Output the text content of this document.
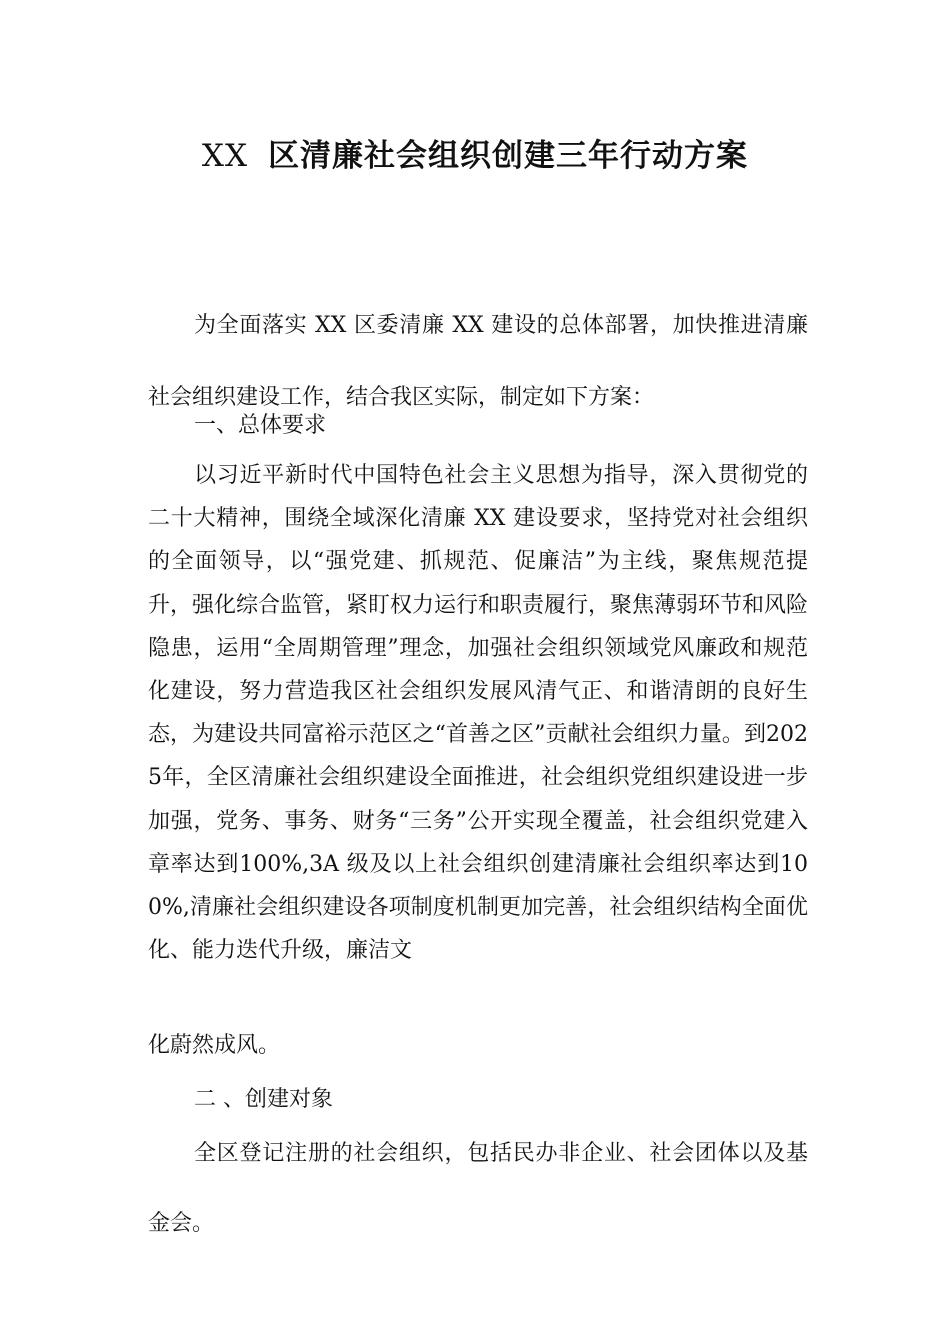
XX 区清廉社会组织创建三年行动方案

为全面落实 XX 区委清廉 XX 建设的总体部署，加快推进清廉社会组织建设工作，结合我区实际，制定如下方案：

一、总体要求

以习近平新时代中国特色社会主义思想为指导，深入贯彻党的二十大精神，围绕全域深化清廉 XX 建设要求，坚持党对社会组织的全面领导，以“强党建、抓规范、促廉洁”为主线，聚焦规范提升，强化综合监管，紧盯权力运行和职责履行，聚焦薄弱环节和风险隐患，运用“全周期管理”理念，加强社会组织领域党风廉政和规范化建设，努力营造我区社会组织发展风清气正、和谐清朗的良好生态，为建设共同富裕示范区之“首善之区”贡献社会组织力量。到2025年，全区清廉社会组织建设全面推进，社会组织党组织建设进一步加强，党务、事务、财务“三务”公开实现全覆盖，社会组织党建入章率达到100%,3A 级及以上社会组织创建清廉社会组织率达到100%,清廉社会组织建设各项制度机制更加完善，社会组织结构全面优化、能力迭代升级，廉洁文

化蔚然成风。

二 、创建对象

全区登记注册的社会组织，包括民办非企业、社会团体以及基金会。
